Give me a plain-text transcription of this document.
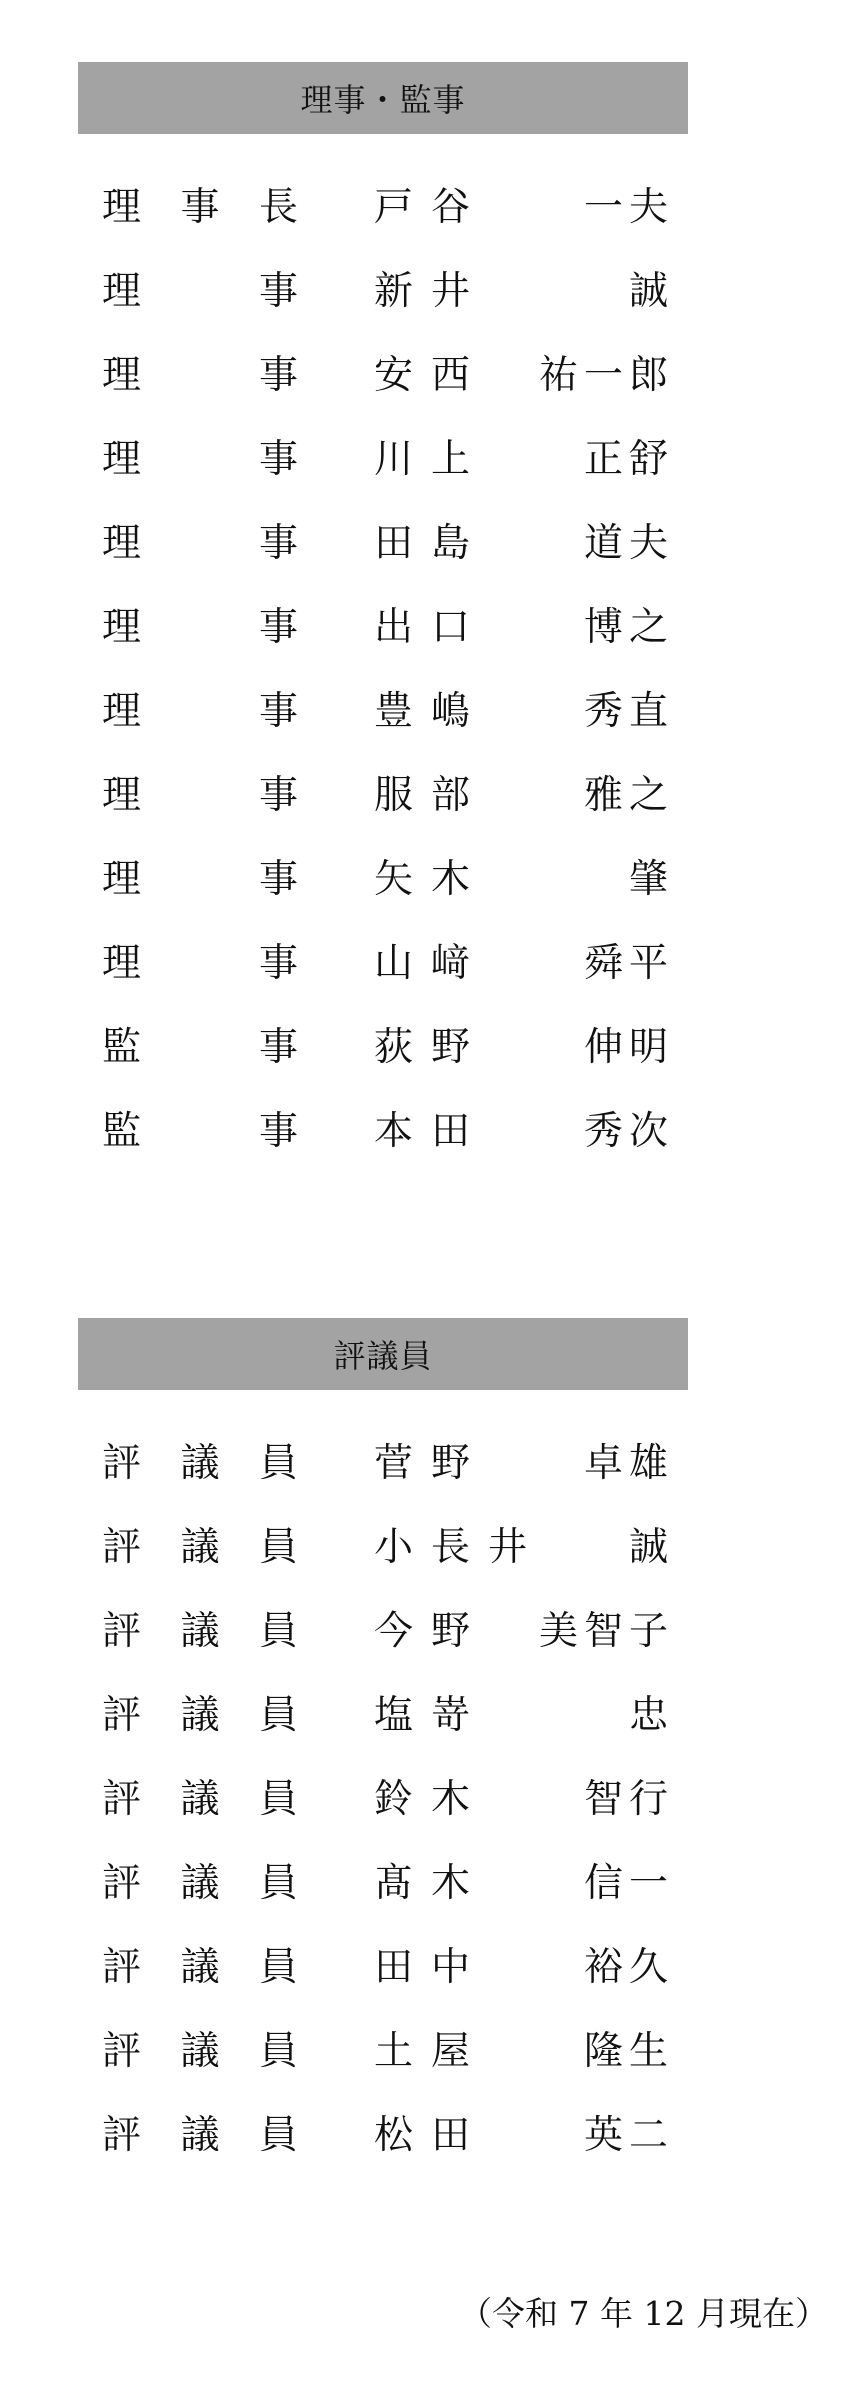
理事・監事
理 事 長 戸谷 一夫
理	事 新井	誠
理	事 安西 祐一郎
理	事 川上 正舒
理	事 田島 道夫
理	事 出口 博之
理	事 豊嶋 秀直
理	事 服部 雅之
理	事 矢木	肇
理	事 山﨑 舜平
監	事 荻野 伸明
監	事 本田 秀次
評議員
評 議 員 菅野 卓雄
評 議 員 小長井 誠
評 議 員 今野 美智子
評 議 員 塩嵜	忠
評 議 員 鈴木 智行
評 議 員 髙木 信一
評 議 員 田中 裕久
評 議 員 土屋 隆生
評 議 員 松田 英二
（令和 7 年 12 月現在）
